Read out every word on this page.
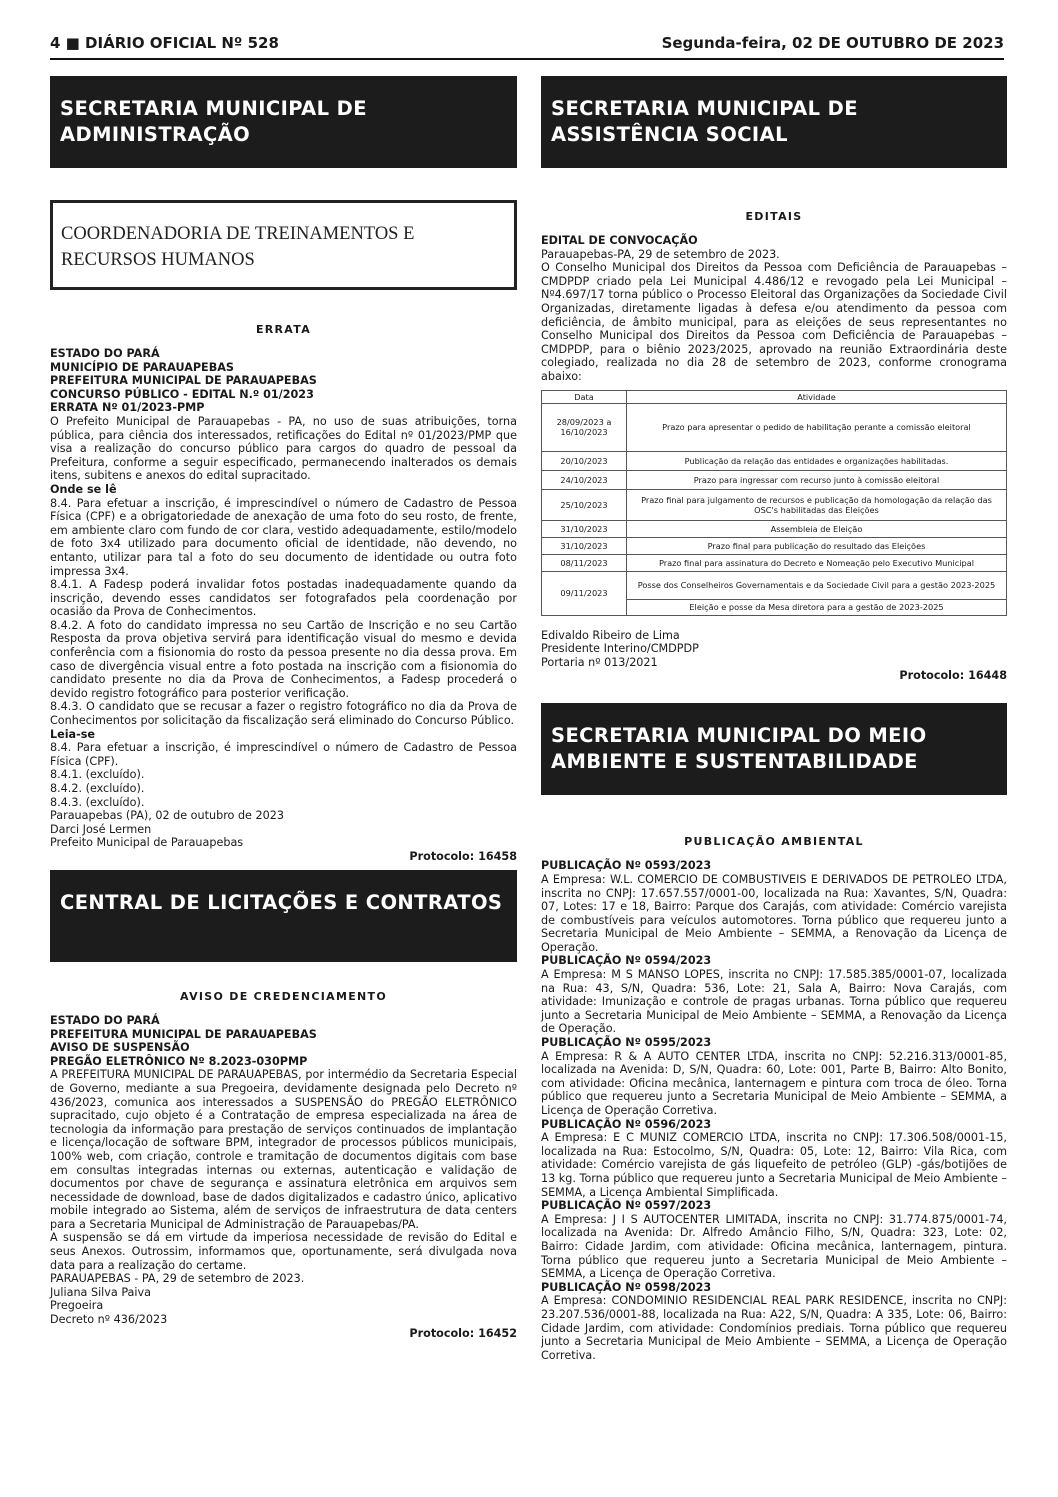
4 ■ DIÁRIO OFICIAL Nº 528	Segunda-feira, 02 DE OUTUBRO DE 2023
SECRETARIA MUNICIPAL DE ADMINISTRAÇÃO
COORDENADORIA DE TREINAMENTOS E RECURSOS HUMANOS
ERRATA

ESTADO DO PARÁ

MUNICÍPIO DE PARAUAPEBAS

PREFEITURA MUNICIPAL DE PARAUAPEBAS

CONCURSO PÚBLICO - EDITAL N.º 01/2023

ERRATA Nº 01/2023-PMP

O Prefeito Municipal de Parauapebas - PA, no uso de suas atribuições, torna pública, para ciência dos interessados, retificações do Edital nº 01/2023/PMP que visa a realização do concurso público para cargos do quadro de pessoal da Prefeitura, conforme a seguir especificado, permanecendo inalterados os demais itens, subitens e anexos do edital supracitado.

Onde se lê

8.4. Para efetuar a inscrição, é imprescindível o número de Cadastro de Pessoa Física (CPF) e a obrigatoriedade de anexação de uma foto do seu rosto, de frente, em ambiente claro com fundo de cor clara, vestido adequadamente, estilo/modelo de foto 3x4 utilizado para documento oficial de identidade, não devendo, no entanto, utilizar para tal a foto do seu documento de identidade ou outra foto impressa 3x4.

8.4.1. A Fadesp poderá invalidar fotos postadas inadequadamente quando da inscrição, devendo esses candidatos ser fotografados pela coordenação por ocasião da Prova de Conhecimentos.

8.4.2. A foto do candidato impressa no seu Cartão de Inscrição e no seu Cartão Resposta da prova objetiva servirá para identificação visual do mesmo e devida conferência com a fisionomia do rosto da pessoa presente no dia dessa prova. Em caso de divergência visual entre a foto postada na inscrição com a fisionomia do candidato presente no dia da Prova de Conhecimentos, a Fadesp procederá o devido registro fotográfico para posterior verificação.

8.4.3. O candidato que se recusar a fazer o registro fotográfico no dia da Prova de Conhecimentos por solicitação da fiscalização será eliminado do Concurso Público.

Leia-se

8.4. Para efetuar a inscrição, é imprescindível o número de Cadastro de Pessoa Física (CPF).

8.4.1. (excluído).

8.4.2. (excluído).

8.4.3. (excluído).

Parauapebas (PA), 02 de outubro de 2023

Darci José Lermen

Prefeito Municipal de Parauapebas

Protocolo: 16458
CENTRAL DE LICITAÇÕES E CONTRATOS
AVISO DE CREDENCIAMENTO

ESTADO DO PARÁ

PREFEITURA MUNICIPAL DE PARAUAPEBAS

AVISO DE SUSPENSÃO

PREGÃO ELETRÔNICO Nº 8.2023-030PMP

A PREFEITURA MUNICIPAL DE PARAUAPEBAS, por intermédio da Secretaria Especial de Governo, mediante a sua Pregoeira, devidamente designada pelo Decreto nº 436/2023, comunica aos interessados a SUSPENSÃO do PREGÃO ELETRÔNICO supracitado, cujo objeto é a Contratação de empresa especializada na área de tecnologia da informação para prestação de serviços continuados de implantação e licença/locação de software BPM, integrador de processos públicos municipais, 100% web, com criação, controle e tramitação de documentos digitais com base em consultas integradas internas ou externas, autenticação e validação de documentos por chave de segurança e assinatura eletrônica em arquivos sem necessidade de download, base de dados digitalizados e cadastro único, aplicativo mobile integrado ao Sistema, além de serviços de infraestrutura de data centers para a Secretaria Municipal de Administração de Parauapebas/PA.

A suspensão se dá em virtude da imperiosa necessidade de revisão do Edital e seus Anexos. Outrossim, informamos que, oportunamente, será divulgada nova data para a realização do certame.

PARAUAPEBAS - PA, 29 de setembro de 2023.

Juliana Silva Paiva

Pregoeira

Decreto nº 436/2023

Protocolo: 16452
SECRETARIA MUNICIPAL DE ASSISTÊNCIA SOCIAL
EDITAIS

EDITAL DE CONVOCAÇÃO

Parauapebas-PA, 29 de setembro de 2023.

O Conselho Municipal dos Direitos da Pessoa com Deficiência de Parauapebas – CMDPDP criado pela Lei Municipal 4.486/12 e revogado pela Lei Municipal – Nº4.697/17 torna público o Processo Eleitoral das Organizações da Sociedade Civil Organizadas, diretamente ligadas à defesa e/ou atendimento da pessoa com deficiência, de âmbito municipal, para as eleições de seus representantes no Conselho Municipal dos Direitos da Pessoa com Deficiência de Parauapebas – CMDPDP, para o biênio 2023/2025, aprovado na reunião Extraordinária deste colegiado, realizada no dia 28 de setembro de 2023, conforme cronograma abaixo:

Data	Atividade
28/09/2023 a 16/10/2023	Prazo para apresentar o pedido de habilitação perante a comissão eleitoral
20/10/2023	Publicação da relação das entidades e organizações habilitadas.
24/10/2023	Prazo para ingressar com recurso junto à comissão eleitoral
25/10/2023	Prazo final para julgamento de recursos e publicação da homologação da relação das OSC's habilitadas das Eleições
31/10/2023	Assembleia de Eleição
31/10/2023	Prazo final para publicação do resultado das Eleições
08/11/2023	Prazo final para assinatura do Decreto e Nomeação pelo Executivo Municipal
09/11/2023	Posse dos Conselheiros Governamentais e da Sociedade Civil para a gestão 2023-2025
	Eleição e posse da Mesa diretora para a gestão de 2023-2025

Edivaldo Ribeiro de Lima

Presidente Interino/CMDPDP

Portaria nº 013/2021

Protocolo: 16448
SECRETARIA MUNICIPAL DO MEIO AMBIENTE E SUSTENTABILIDADE
PUBLICAÇÃO AMBIENTAL

PUBLICAÇÃO Nº 0593/2023

A Empresa: W.L. COMERCIO DE COMBUSTIVEIS E DERIVADOS DE PETROLEO LTDA, inscrita no CNPJ: 17.657.557/0001-00, localizada na Rua: Xavantes, S/N, Quadra: 07, Lotes: 17 e 18, Bairro: Parque dos Carajás, com atividade: Comércio varejista de combustíveis para veículos automotores. Torna público que requereu junto a Secretaria Municipal de Meio Ambiente – SEMMA, a Renovação da Licença de Operação.

PUBLICAÇÃO Nº 0594/2023

A Empresa: M S MANSO LOPES, inscrita no CNPJ: 17.585.385/0001-07, localizada na Rua: 43, S/N, Quadra: 536, Lote: 21, Sala A, Bairro: Nova Carajás, com atividade: Imunização e controle de pragas urbanas. Torna público que requereu junto a Secretaria Municipal de Meio Ambiente – SEMMA, a Renovação da Licença de Operação.

PUBLICAÇÃO Nº 0595/2023

A Empresa: R & A AUTO CENTER LTDA, inscrita no CNPJ: 52.216.313/0001-85, localizada na Avenida: D, S/N, Quadra: 60, Lote: 001, Parte B, Bairro: Alto Bonito, com atividade: Oficina mecânica, lanternagem e pintura com troca de óleo. Torna público que requereu junto a Secretaria Municipal de Meio Ambiente – SEMMA, a Licença de Operação Corretiva.

PUBLICAÇÃO Nº 0596/2023

A Empresa: E C MUNIZ COMERCIO LTDA, inscrita no CNPJ: 17.306.508/0001-15, localizada na Rua: Estocolmo, S/N, Quadra: 05, Lote: 12, Bairro: Vila Rica, com atividade: Comércio varejista de gás liquefeito de petróleo (GLP) -gás/botijões de 13 kg. Torna público que requereu junto a Secretaria Municipal de Meio Ambiente – SEMMA, a Licença Ambiental Simplificada.

PUBLICAÇÃO Nº 0597/2023

A Empresa: J I S AUTOCENTER LIMITADA, inscrita no CNPJ: 31.774.875/0001-74, localizada na Avenida: Dr. Alfredo Amâncio Filho, S/N, Quadra: 323, Lote: 02, Bairro: Cidade Jardim, com atividade: Oficina mecânica, lanternagem, pintura. Torna público que requereu junto a Secretaria Municipal de Meio Ambiente – SEMMA, a Licença de Operação Corretiva.

PUBLICAÇÃO Nº 0598/2023

A Empresa: CONDOMINIO RESIDENCIAL REAL PARK RESIDENCE, inscrita no CNPJ: 23.207.536/0001-88, localizada na Rua: A22, S/N, Quadra: A 335, Lote: 06, Bairro: Cidade Jardim, com atividade: Condomínios prediais. Torna público que requereu junto a Secretaria Municipal de Meio Ambiente – SEMMA, a Licença de Operação Corretiva.
